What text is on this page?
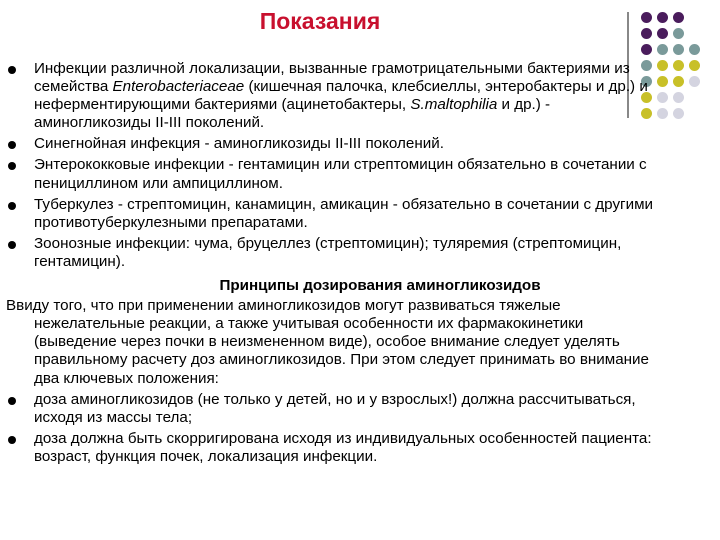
Показания
Инфекции различной локализации, вызванные грамотрицательными бактериями из семейства Enterobacteriaceae (кишечная палочка, клебсиеллы, энтеробактеры и др.) и неферментирующими бактериями (ацинетобактеры, S.maltophilia и др.) - аминогликозиды II-III поколений.
Синегнойная инфекция - аминогликозиды II-III поколений.
Энтерококковые инфекции - гентамицин или стрептомицин обязательно в сочетании с пенициллином или ампициллином.
Туберкулез - стрептомицин, канамицин, амикацин - обязательно в сочетании с другими противотуберкулезными препаратами.
Зоонозные инфекции: чума, бруцеллез (стрептомицин); туляремия (стрептомицин, гентамицин).
Принципы дозирования аминогликозидов
Ввиду того, что при применении аминогликозидов могут развиваться тяжелые нежелательные реакции, а также учитывая особенности их фармакокинетики (выведение через почки в неизмененном виде), особое внимание следует уделять правильному расчету доз аминогликозидов. При этом следует принимать во внимание два ключевых положения:
доза аминогликозидов (не только у детей, но и у взрослых!) должна рассчитываться, исходя из массы тела;
доза должна быть скорригирована исходя из индивидуальных особенностей пациента: возраст, функция почек, локализация инфекции.
